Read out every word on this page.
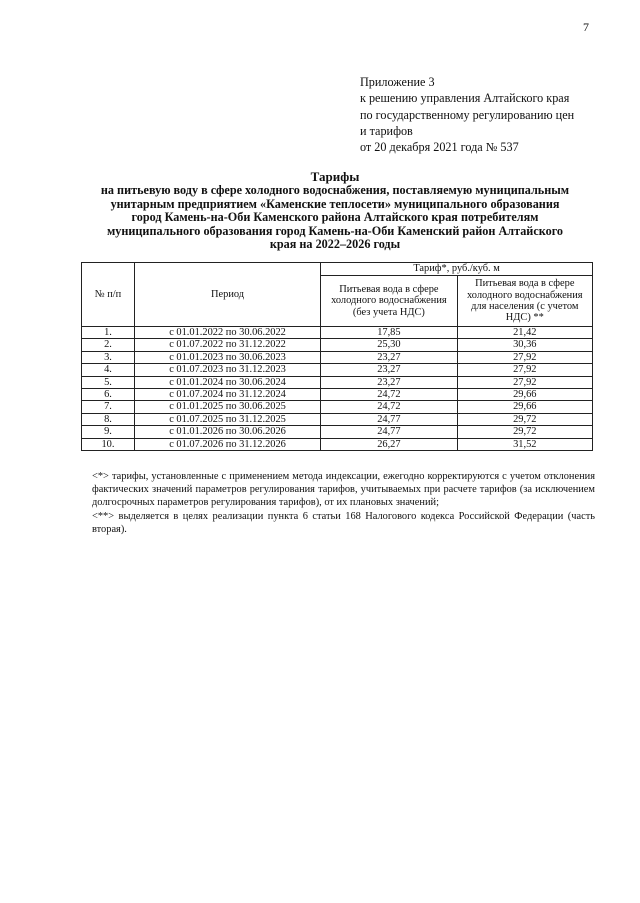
7
Приложение 3
к решению управления Алтайского края
по государственному регулированию цен
и тарифов
от 20 декабря 2021 года № 537
Тарифы
на питьевую воду в сфере холодного водоснабжения, поставляемую муниципальным
унитарным предприятием «Каменские теплосети» муниципального образования
город Камень-на-Оби Каменского района Алтайского края потребителям
муниципального образования город Камень-на-Оби Каменский район Алтайского
края на 2022–2026 годы
№ п/п	Период	Тариф*, руб./куб. м	
		Питьевая вода в сфере холодного водоснабжения (без учета НДС)	Питьевая вода в сфере холодного водоснабжения для населения (с учетом НДС) **
1.	с 01.01.2022 по 30.06.2022	17,85	21,42
2.	с 01.07.2022 по 31.12.2022	25,30	30,36
3.	с 01.01.2023 по 30.06.2023	23,27	27,92
4.	с 01.07.2023 по 31.12.2023	23,27	27,92
5.	с 01.01.2024 по 30.06.2024	23,27	27,92
6.	с 01.07.2024 по 31.12.2024	24,72	29,66
7.	с 01.01.2025 по 30.06.2025	24,72	29,66
8.	с 01.07.2025 по 31.12.2025	24,77	29,72
9.	с 01.01.2026 по 30.06.2026	24,77	29,72
10.	с 01.07.2026 по 31.12.2026	26,27	31,52

<*> тарифы, установленные с применением метода индексации, ежегодно корректируются с учетом отклонения фактических значений параметров регулирования тарифов, учитываемых при расчете тарифов (за исключением долгосрочных параметров регулирования тарифов), от их плановых значений;

<**> выделяется в целях реализации пункта 6 статьи 168 Налогового кодекса Российской Федерации (часть вторая).
